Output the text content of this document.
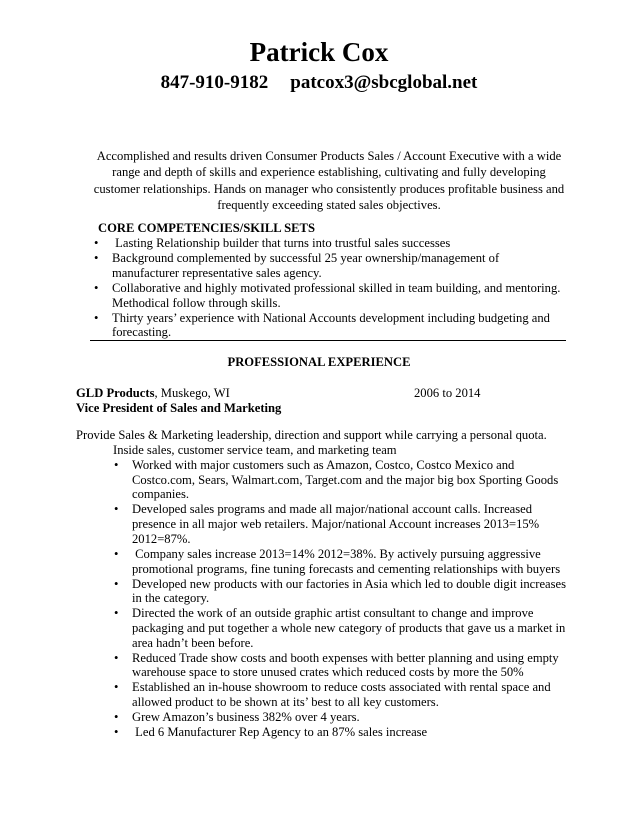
Patrick Cox
847-910-9182 patcox3@sbcglobal.net
Accomplished and results driven Consumer Products Sales / Account Executive with a wide range and depth of skills and experience establishing, cultivating and fully developing customer relationships. Hands on manager who consistently produces profitable business and frequently exceeding stated sales objectives.
CORE COMPETENCIES/SKILL SETS
• Lasting Relationship builder that turns into trustful sales successes
• Background complemented by successful 25 year ownership/management of manufacturer representative sales agency.
• Collaborative and highly motivated professional skilled in team building, and mentoring. Methodical follow through skills.
• Thirty years’ experience with National Accounts development including budgeting and forecasting.
PROFESSIONAL EXPERIENCE
GLD Products, Muskego, WI	2006 to 2014
Vice President of Sales and Marketing
Provide Sales & Marketing leadership, direction and support while carrying a personal quota.
Inside sales, customer service team, and marketing team
• Worked with major customers such as Amazon, Costco, Costco Mexico and Costco.com, Sears, Walmart.com, Target.com and the major big box Sporting Goods companies.
• Developed sales programs and made all major/national account calls. Increased presence in all major web retailers. Major/national Account increases 2013=15% 2012=87%.
• Company sales increase 2013=14% 2012=38%. By actively pursuing aggressive promotional programs, fine tuning forecasts and cementing relationships with buyers
• Developed new products with our factories in Asia which led to double digit increases in the category.
• Directed the work of an outside graphic artist consultant to change and improve packaging and put together a whole new category of products that gave us a market in area hadn’t been before.
• Reduced Trade show costs and booth expenses with better planning and using empty warehouse space to store unused crates which reduced costs by more the 50%
• Established an in-house showroom to reduce costs associated with rental space and allowed product to be shown at its’ best to all key customers.
• Grew Amazon’s business 382% over 4 years.
• Led 6 Manufacturer Rep Agency to an 87% sales increase
